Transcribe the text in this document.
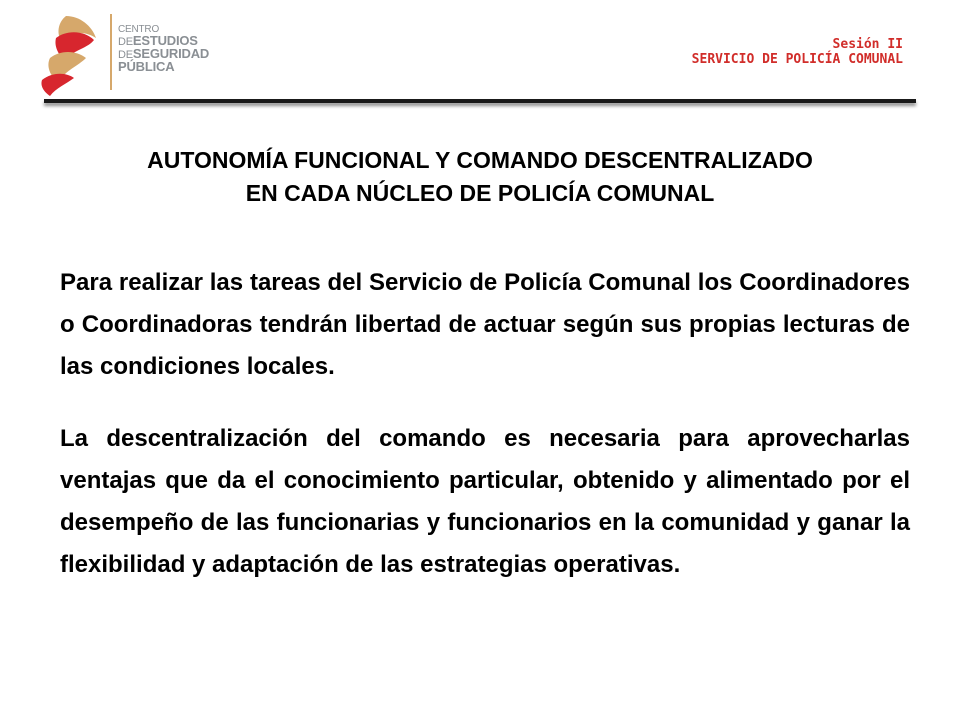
CENTRO
DEESTUDIOS
DESEGURIDAD
PÚBLICA
Sesión II
SERVICIO DE POLICÍA COMUNAL
AUTONOMÍA FUNCIONAL Y COMANDO DESCENTRALIZADO
EN CADA NÚCLEO DE POLICÍA COMUNAL
Para realizar las tareas del Servicio de Policía Comunal los Coordinadores o Coordinadoras tendrán libertad de actuar según sus propias lecturas de las condiciones locales.
La descentralización del comando es necesaria para aprovecharlas ventajas que da el conocimiento particular, obtenido y alimentado por el desempeño de las funcionarias y funcionarios en la comunidad y ganar la flexibilidad y adaptación de las estrategias operativas.
